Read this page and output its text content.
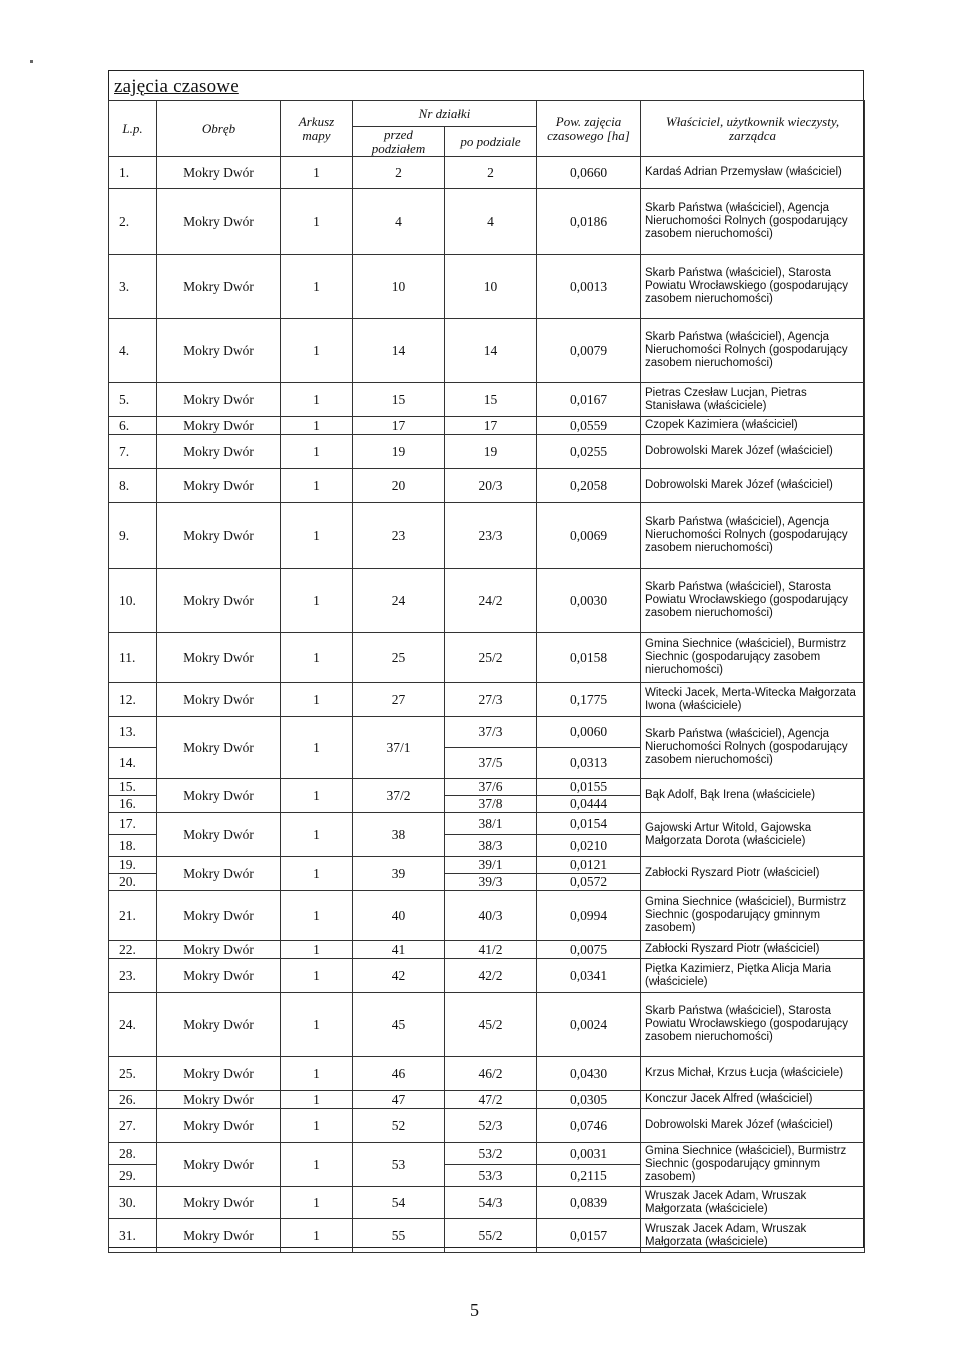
zajęcia czasowe
L.p.	Obręb	Arkusz mapy	Nr działki		Pow. zajęcia czasowego [ha]	Właściciel, użytkownik wieczysty, zarządca
			przed podziałem	po podziale		
1.	Mokry Dwór	1	2	2	0,0660	Kardaś Adrian Przemysław (właściciel)
2.	Mokry Dwór	1	4	4	0,0186	Skarb Państwa (właściciel), Agencja Nieruchomości Rolnych (gospodarujący zasobem nieruchomości)
3.	Mokry Dwór	1	10	10	0,0013	Skarb Państwa (właściciel), Starosta Powiatu Wrocławskiego (gospodarujący zasobem nieruchomości)
4.	Mokry Dwór	1	14	14	0,0079	Skarb Państwa (właściciel), Agencja Nieruchomości Rolnych (gospodarujący zasobem nieruchomości)
5.	Mokry Dwór	1	15	15	0,0167	Pietras Czesław Lucjan, Pietras Stanisława (właściciele)
6.	Mokry Dwór	1	17	17	0,0559	Czopek Kazimiera (właściciel)
7.	Mokry Dwór	1	19	19	0,0255	Dobrowolski Marek Józef (właściciel)
8.	Mokry Dwór	1	20	20/3	0,2058	Dobrowolski Marek Józef (właściciel)
9.	Mokry Dwór	1	23	23/3	0,0069	Skarb Państwa (właściciel), Agencja Nieruchomości Rolnych (gospodarujący zasobem nieruchomości)
10.	Mokry Dwór	1	24	24/2	0,0030	Skarb Państwa (właściciel), Starosta Powiatu Wrocławskiego (gospodarujący zasobem nieruchomości)
11.	Mokry Dwór	1	25	25/2	0,0158	Gmina Siechnice (właściciel), Burmistrz Siechnic (gospodarujący zasobem nieruchomości)
12.	Mokry Dwór	1	27	27/3	0,1775	Witecki Jacek, Merta-Witecka Małgorzata Iwona (właściciele)
13.	Mokry Dwór	1	37/1	37/3	0,0060	Skarb Państwa (właściciel), Agencja Nieruchomości Rolnych (gospodarujący zasobem nieruchomości)
14.				37/5	0,0313	
15.	Mokry Dwór	1	37/2	37/6	0,0155	Bąk Adolf, Bąk Irena (właściciele)
16.				37/8	0,0444	
17.	Mokry Dwór	1	38	38/1	0,0154	Gajowski Artur Witold, Gajowska Małgorzata Dorota (właściciele)
18.				38/3	0,0210	
19.	Mokry Dwór	1	39	39/1	0,0121	Zabłocki Ryszard Piotr (właściciel)
20.				39/3	0,0572	
21.	Mokry Dwór	1	40	40/3	0,0994	Gmina Siechnice (właściciel), Burmistrz Siechnic (gospodarujący gminnym zasobem)
22.	Mokry Dwór	1	41	41/2	0,0075	Zabłocki Ryszard Piotr (właściciel)
23.	Mokry Dwór	1	42	42/2	0,0341	Piętka Kazimierz, Piętka Alicja Maria (właściciele)
24.	Mokry Dwór	1	45	45/2	0,0024	Skarb Państwa (właściciel), Starosta Powiatu Wrocławskiego (gospodarujący zasobem nieruchomości)
25.	Mokry Dwór	1	46	46/2	0,0430	Krzus Michał, Krzus Łucja (właściciele)
26.	Mokry Dwór	1	47	47/2	0,0305	Konczur Jacek Alfred (właściciel)
27.	Mokry Dwór	1	52	52/3	0,0746	Dobrowolski Marek Józef (właściciel)
28.	Mokry Dwór	1	53	53/2	0,0031	Gmina Siechnice (właściciel), Burmistrz Siechnic (gospodarujący gminnym zasobem)
29.				53/3	0,2115	
30.	Mokry Dwór	1	54	54/3	0,0839	Wruszak Jacek Adam, Wruszak Małgorzata (właściciele)
31.	Mokry Dwór	1	55	55/2	0,0157	Wruszak Jacek Adam, Wruszak Małgorzata (właściciele)
5
